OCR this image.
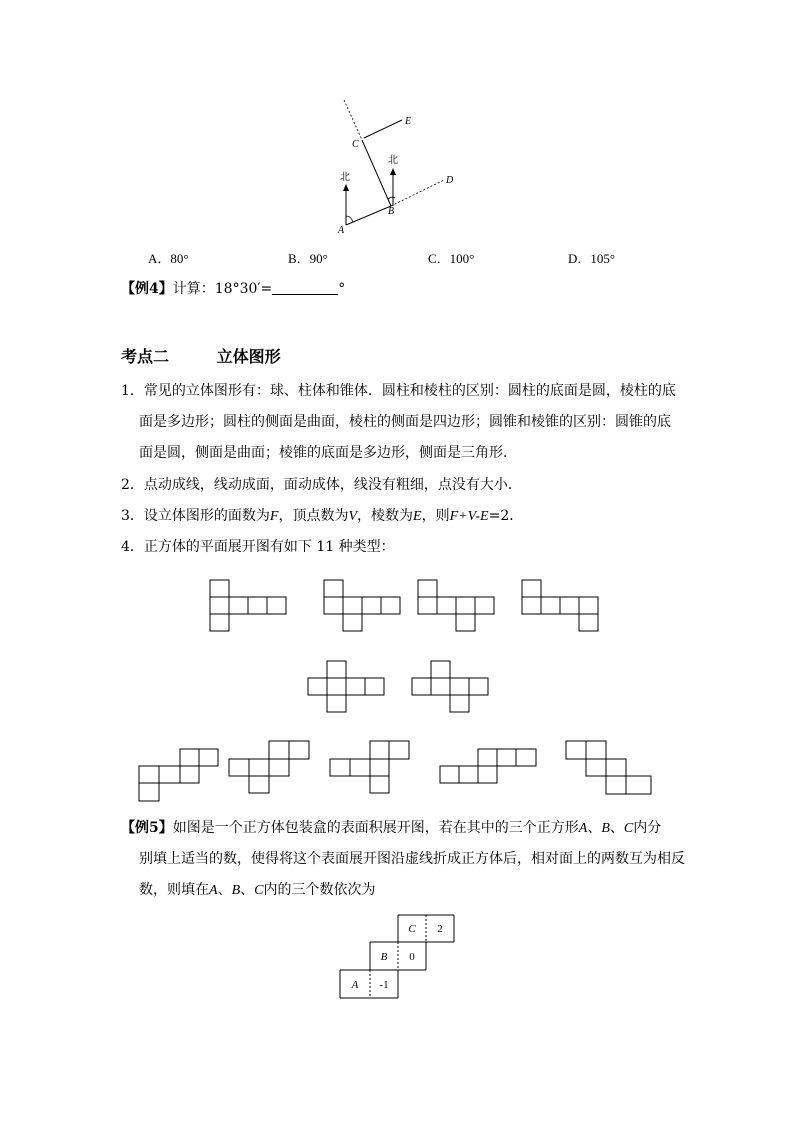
北
北
A
B
C
D
E
A．80°	B．90°	C．100°	D．105°
【例4】计算：18°30′=	°
考点二	立体图形
1．常见的立体图形有：球、柱体和锥体．圆柱和棱柱的区别：圆柱的底面是圆，棱柱的底
面是多边形；圆柱的侧面是曲面，棱柱的侧面是四边形；圆锥和棱锥的区别：圆锥的底
面是圆，侧面是曲面；棱锥的底面是多边形，侧面是三角形．
2．点动成线，线动成面，面动成体，线没有粗细，点没有大小．
3．设立体图形的面数为F，顶点数为V，棱数为E，则F+V-E=2．
4．正方体的平面展开图有如下 11 种类型：
【例5】如图是一个正方体包装盒的表面积展开图，若在其中的三个正方形A、B、C内分
别填上适当的数，使得将这个表面展开图沿虚线折成正方体后，相对面上的两数互为相反
数，则填在A、B、C内的三个数依次为
C 2
B 0
A -1
